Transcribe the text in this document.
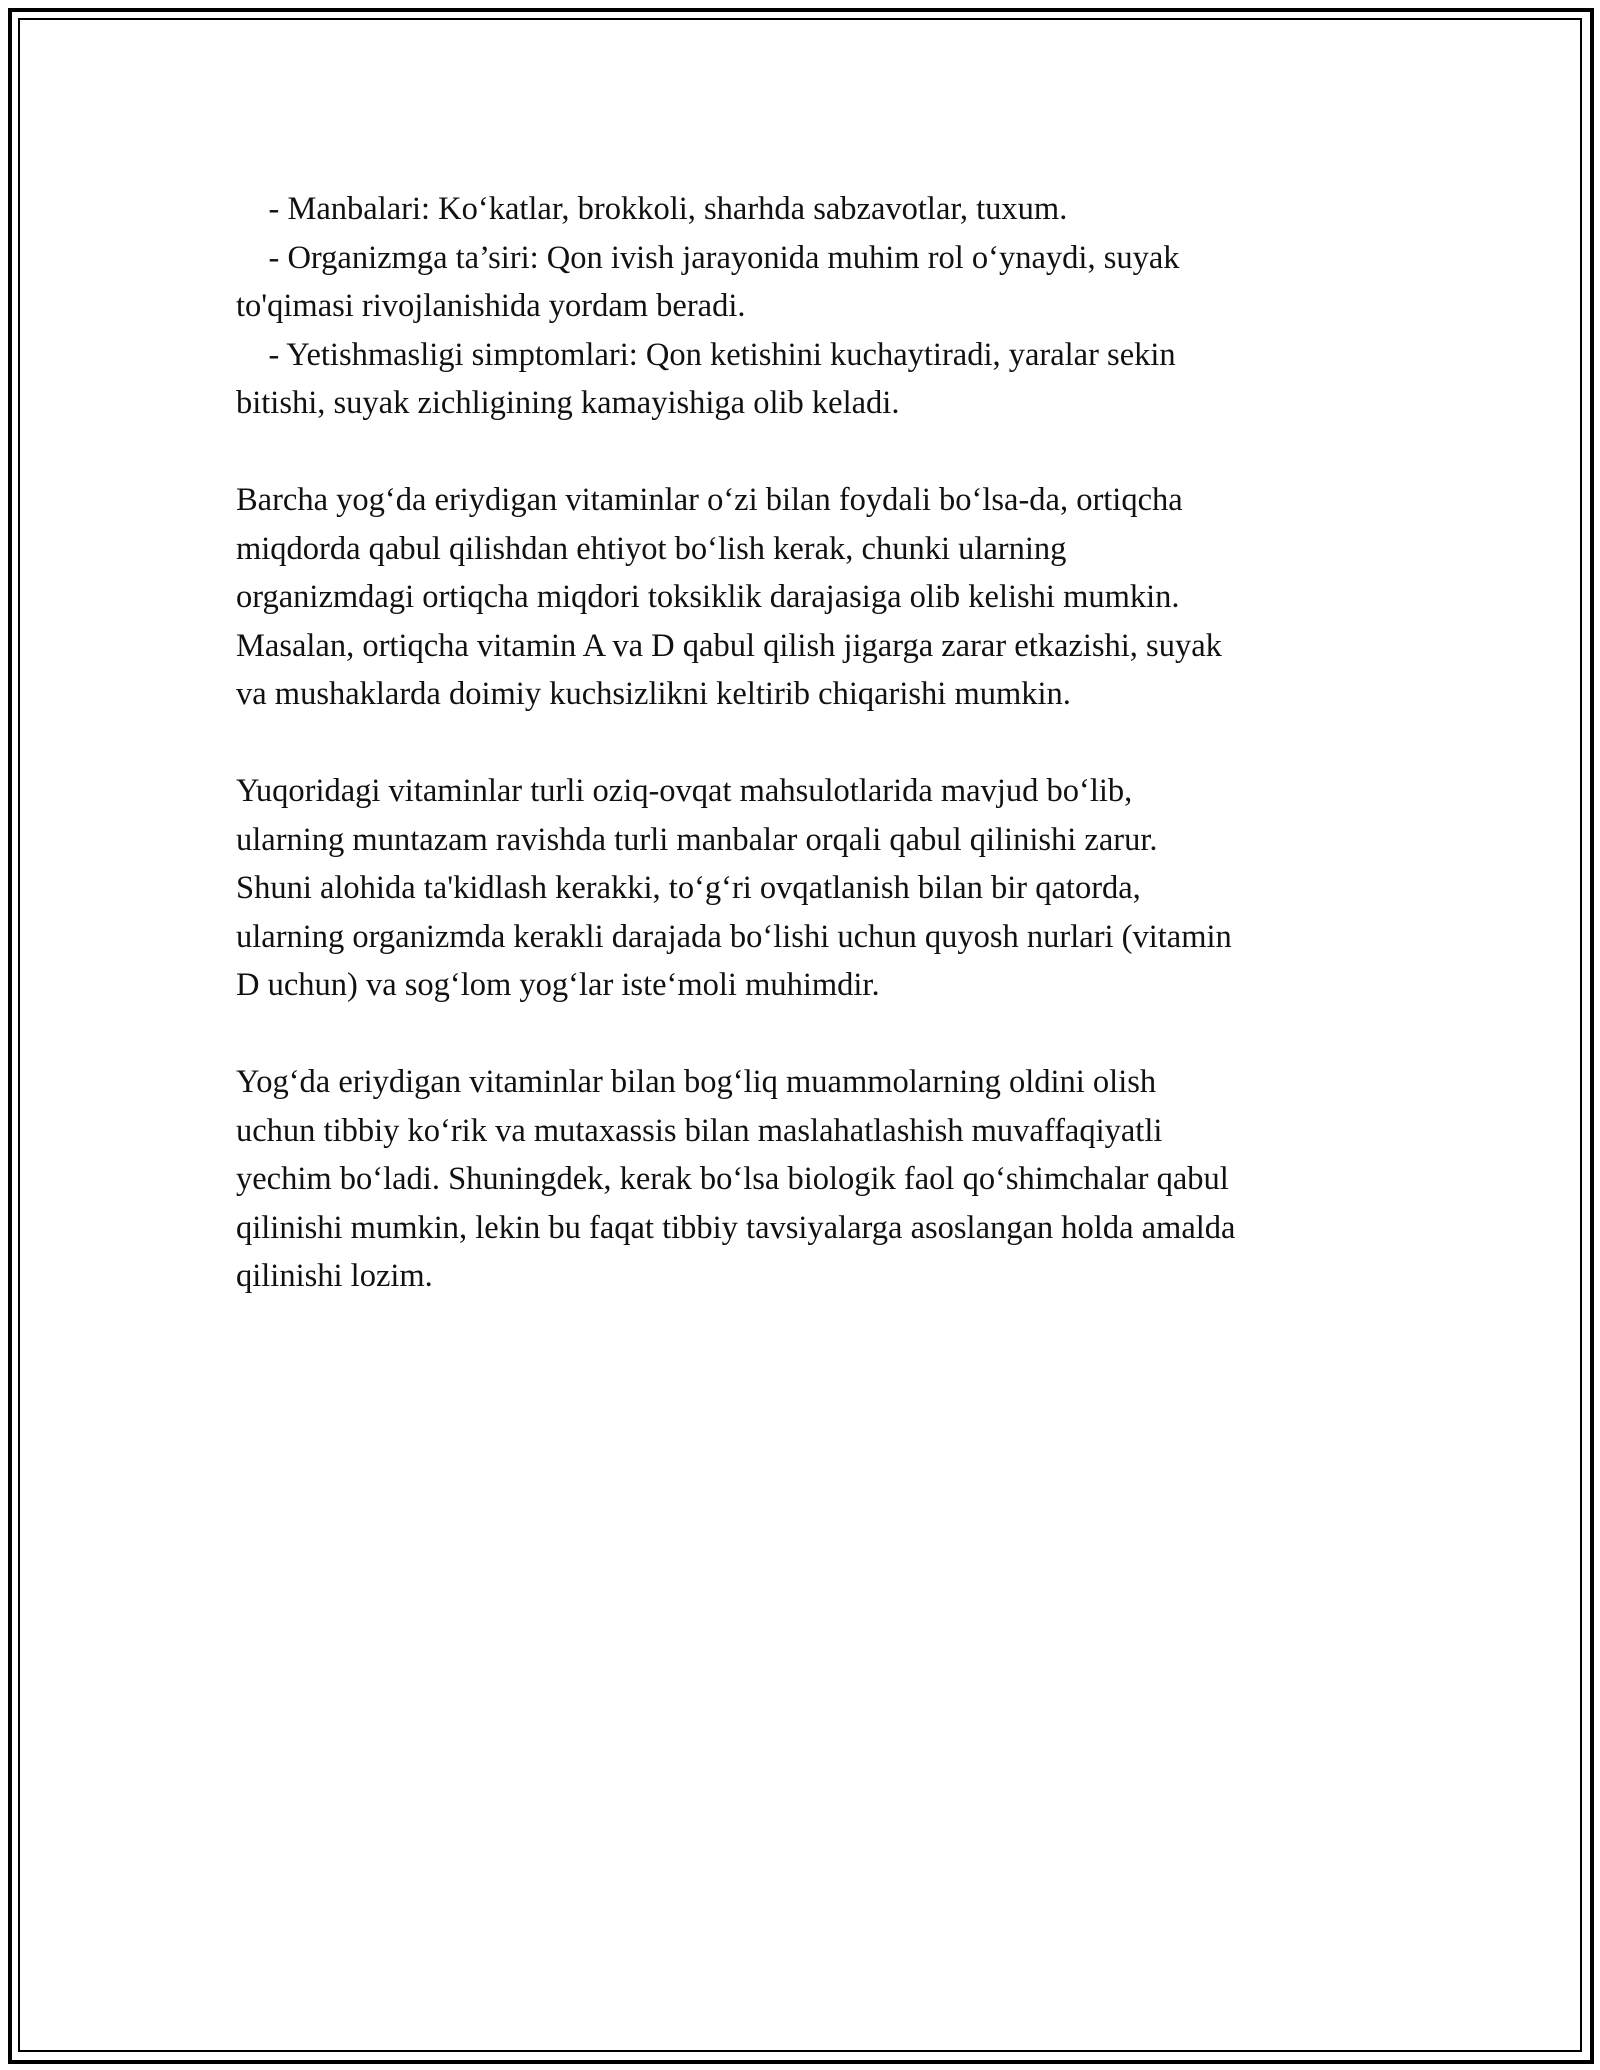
- Manbalari: Ko‘katlar, brokkoli, sharhda sabzavotlar, tuxum.
- Organizmga ta’siri: Qon ivish jarayonida muhim rol o‘ynaydi, suyak
to'qimasi rivojlanishida yordam beradi.
- Yetishmasligi simptomlari: Qon ketishini kuchaytiradi, yaralar sekin
bitishi, suyak zichligining kamayishiga olib keladi.
Barcha yog‘da eriydigan vitaminlar o‘zi bilan foydali bo‘lsa-da, ortiqcha
miqdorda qabul qilishdan ehtiyot bo‘lish kerak, chunki ularning
organizmdagi ortiqcha miqdori toksiklik darajasiga olib kelishi mumkin.
Masalan, ortiqcha vitamin A va D qabul qilish jigarga zarar etkazishi, suyak
va mushaklarda doimiy kuchsizlikni keltirib chiqarishi mumkin.
Yuqoridagi vitaminlar turli oziq-ovqat mahsulotlarida mavjud bo‘lib,
ularning muntazam ravishda turli manbalar orqali qabul qilinishi zarur.
Shuni alohida ta'kidlash kerakki, to‘g‘ri ovqatlanish bilan bir qatorda,
ularning organizmda kerakli darajada bo‘lishi uchun quyosh nurlari (vitamin
D uchun) va sog‘lom yog‘lar iste‘moli muhimdir.
Yog‘da eriydigan vitaminlar bilan bog‘liq muammolarning oldini olish
uchun tibbiy ko‘rik va mutaxassis bilan maslahatlashish muvaffaqiyatli
yechim bo‘ladi. Shuningdek, kerak bo‘lsa biologik faol qo‘shimchalar qabul
qilinishi mumkin, lekin bu faqat tibbiy tavsiyalarga asoslangan holda amalda
qilinishi lozim.
